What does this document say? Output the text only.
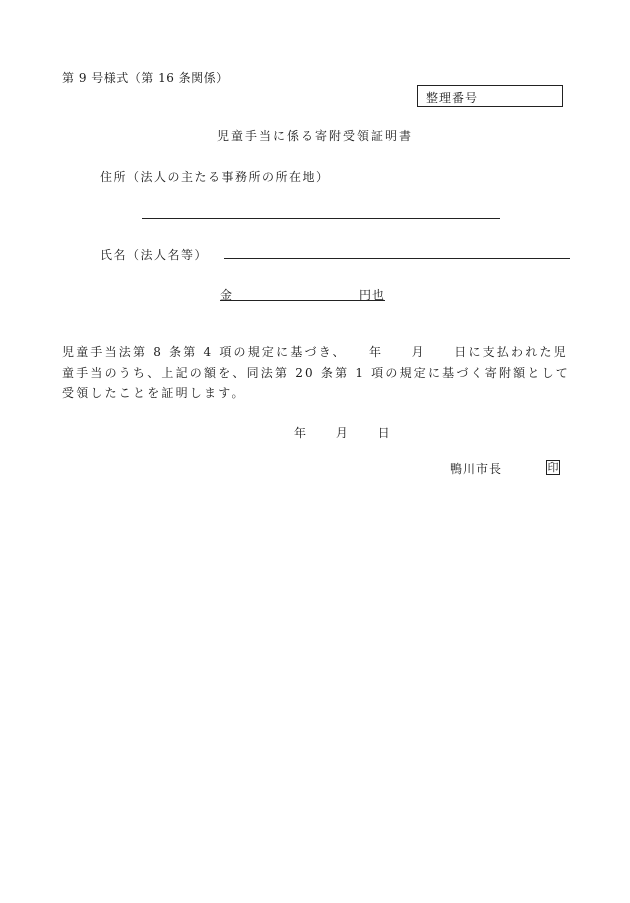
第 9 号様式（第 16 条関係）
整理番号
児童手当に係る寄附受領証明書
住所（法人の主たる事務所の所在地）
氏名（法人名等）
金	円也
児童手当法第 8 条第 4 項の規定に基づき、　　年　　月　　日に支払われた児童手当のうち、上記の額を、同法第 20 条第 1 項の規定に基づく寄附額として受領したことを証明します。
年 月 日
鴨川市長	印
